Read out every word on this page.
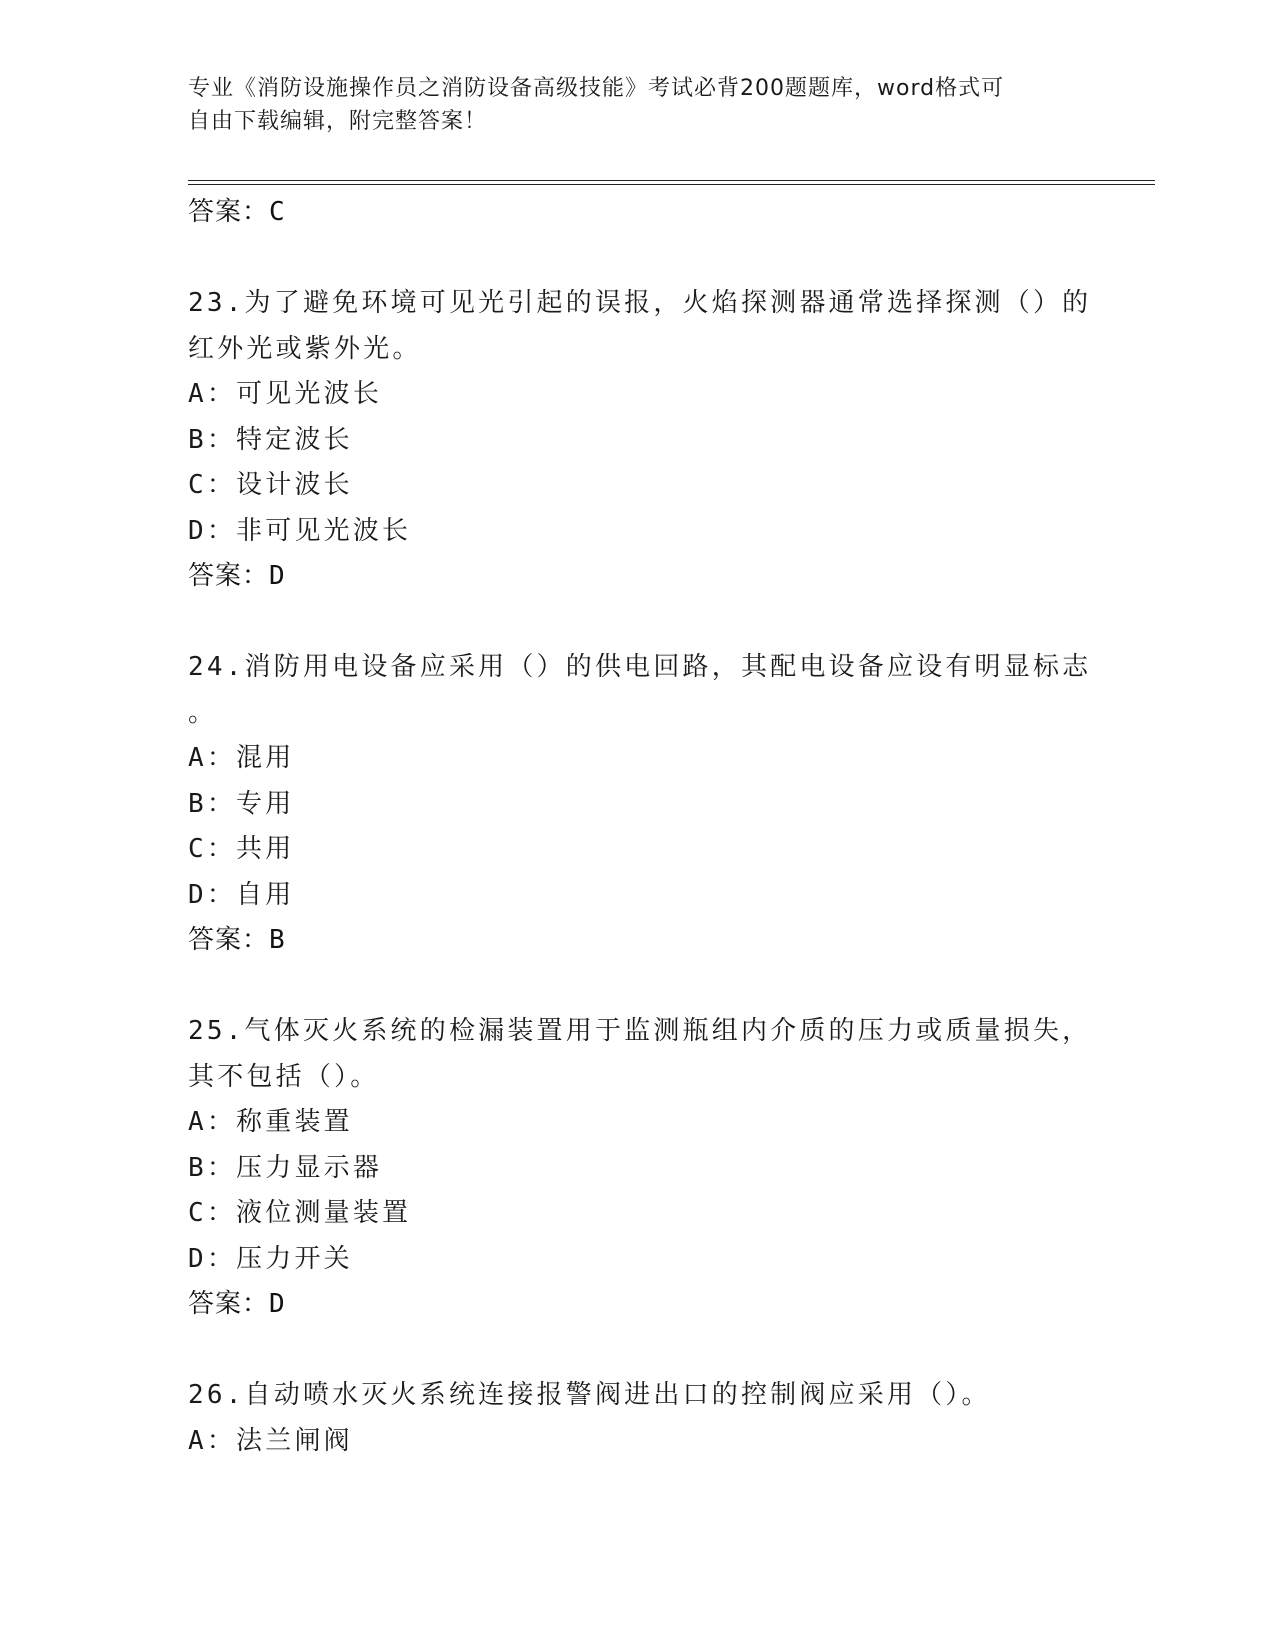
专业《消防设施操作员之消防设备高级技能》考试必背200题题库，word格式可
自由下载编辑，附完整答案！
答案：C
23.为了避免环境可见光引起的误报，火焰探测器通常选择探测（）的
红外光或紫外光。
A：可见光波长
B：特定波长
C：设计波长
D：非可见光波长
答案：D
24.消防用电设备应采用（）的供电回路，其配电设备应设有明显标志
。
A：混用
B：专用
C：共用
D：自用
答案：B
25.气体灭火系统的检漏装置用于监测瓶组内介质的压力或质量损失，
其不包括（）。
A：称重装置
B：压力显示器
C：液位测量装置
D：压力开关
答案：D
26.自动喷水灭火系统连接报警阀进出口的控制阀应采用（）。
A：法兰闸阀
